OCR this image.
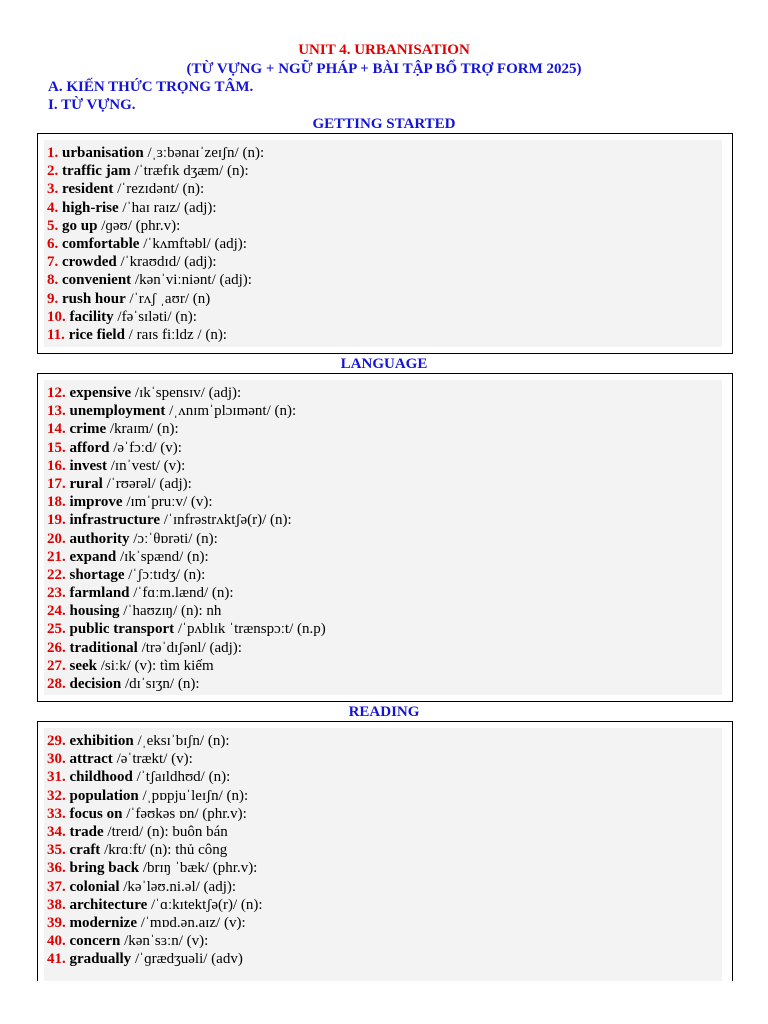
UNIT 4. URBANISATION
(TỪ VỰNG + NGỮ PHÁP + BÀI TẬP BỔ TRỢ FORM 2025)
A. KIẾN THỨC TRỌNG TÂM.
I. TỪ VỰNG.
GETTING STARTED
1. urbanisation /ˌɜːbənaɪˈzeɪʃn/ (n):
2. traffic jam /ˈtræfɪk dʒæm/ (n):
3. resident /ˈrezɪdənt/ (n):
4. high-rise /ˈhaɪ raɪz/ (adj):
5. go up /ɡəʊ/ (phr.v):
6. comfortable /ˈkʌmftəbl/ (adj):
7. crowded /ˈkraʊdɪd/ (adj):
8. convenient /kənˈviːniənt/ (adj):
9. rush hour /ˈrʌʃ ˌaʊr/ (n)
10. facility /fəˈsɪləti/ (n):
11. rice field / raɪs fiːldz / (n):
LANGUAGE
12. expensive /ɪkˈspensɪv/ (adj):
13. unemployment /ˌʌnɪmˈplɔɪmənt/ (n):
14. crime /kraɪm/ (n):
15. afford /əˈfɔːd/ (v):
16. invest /ɪnˈvest/ (v):
17. rural /ˈrʊərəl/ (adj):
18. improve /ɪmˈpruːv/ (v):
19. infrastructure /ˈɪnfrəstrʌktʃə(r)/ (n):
20. authority /ɔːˈθɒrəti/ (n):
21. expand /ɪkˈspænd/ (n):
22. shortage /ˈʃɔːtɪdʒ/ (n):
23. farmland /ˈfɑːm.lænd/ (n):
24. housing /ˈhaʊzɪŋ/ (n): nh
25. public transport /ˈpʌblɪk ˈtrænspɔːt/ (n.p)
26. traditional /trəˈdɪʃənl/ (adj):
27. seek /siːk/ (v): tìm kiếm
28. decision /dɪˈsɪʒn/ (n):
READING
29. exhibition /ˌeksɪˈbɪʃn/ (n):
30. attract /əˈtrækt/ (v):
31. childhood /ˈtʃaɪldhʊd/ (n):
32. population /ˌpɒpjuˈleɪʃn/ (n):
33. focus on /ˈfəʊkəs ɒn/ (phr.v):
34. trade /treɪd/ (n): buôn bán
35. craft /krɑːft/ (n): thủ công
36. bring back /brɪŋ ˈbæk/ (phr.v):
37. colonial /kəˈləʊ.ni.əl/ (adj):
38. architecture /ˈɑːkɪtektʃə(r)/ (n):
39. modernize /ˈmɒd.ən.aɪz/ (v):
40. concern /kənˈsɜːn/ (v):
41. gradually /ˈɡrædʒuəli/ (adv)
